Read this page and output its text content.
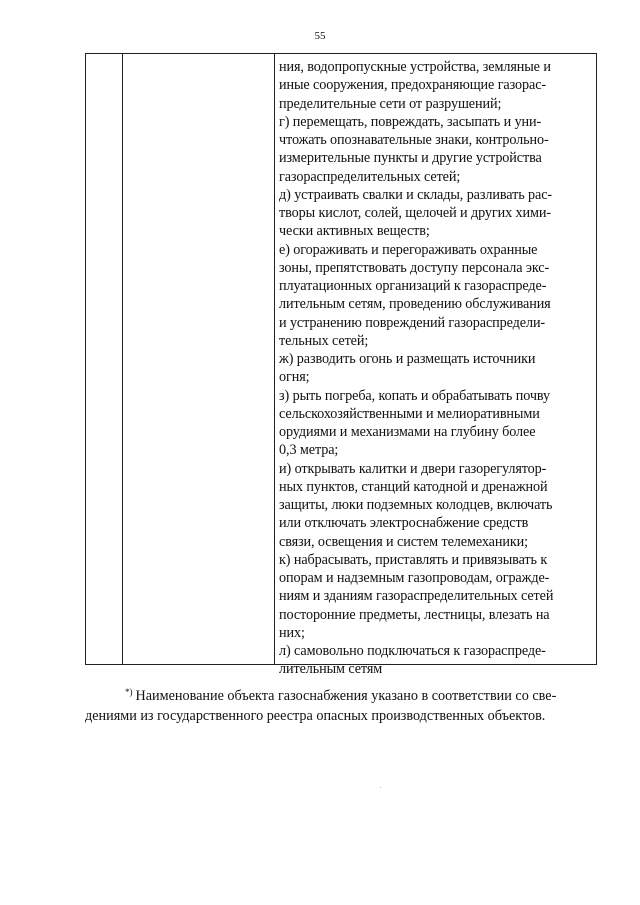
55
ния, водопропускные устройства, земляные и
иные сооружения, предохраняющие газорас-
пределительные сети от разрушений;
г) перемещать, повреждать, засыпать и уни-
чтожать опознавательные знаки, контрольно-
измерительные пункты и другие устройства
газораспределительных сетей;
д) устраивать свалки и склады, разливать рас-
творы кислот, солей, щелочей и других хими-
чески активных веществ;
е) огораживать и перегораживать охранные
зоны, препятствовать доступу персонала экс-
плуатационных организаций к газораспреде-
лительным сетям, проведению обслуживания
и устранению повреждений газораспредели-
тельных сетей;
ж) разводить огонь и размещать источники
огня;
з) рыть погреба, копать и обрабатывать почву
сельскохозяйственными и мелиоративными
орудиями и механизмами на глубину более
0,3 метра;
и) открывать калитки и двери газорегулятор-
ных пунктов, станций катодной и дренажной
защиты, люки подземных колодцев, включать
или отключать электроснабжение средств
связи, освещения и систем телемеханики;
к) набрасывать, приставлять и привязывать к
опорам и надземным газопроводам, огражде-
ниям и зданиям газораспределительных сетей
посторонние предметы, лестницы, влезать на
них;
л) самовольно подключаться к газораспреде-
лительным сетям
*) Наименование объекта газоснабжения указано в соответствии со све-
дениями из государственного реестра опасных производственных объектов.
